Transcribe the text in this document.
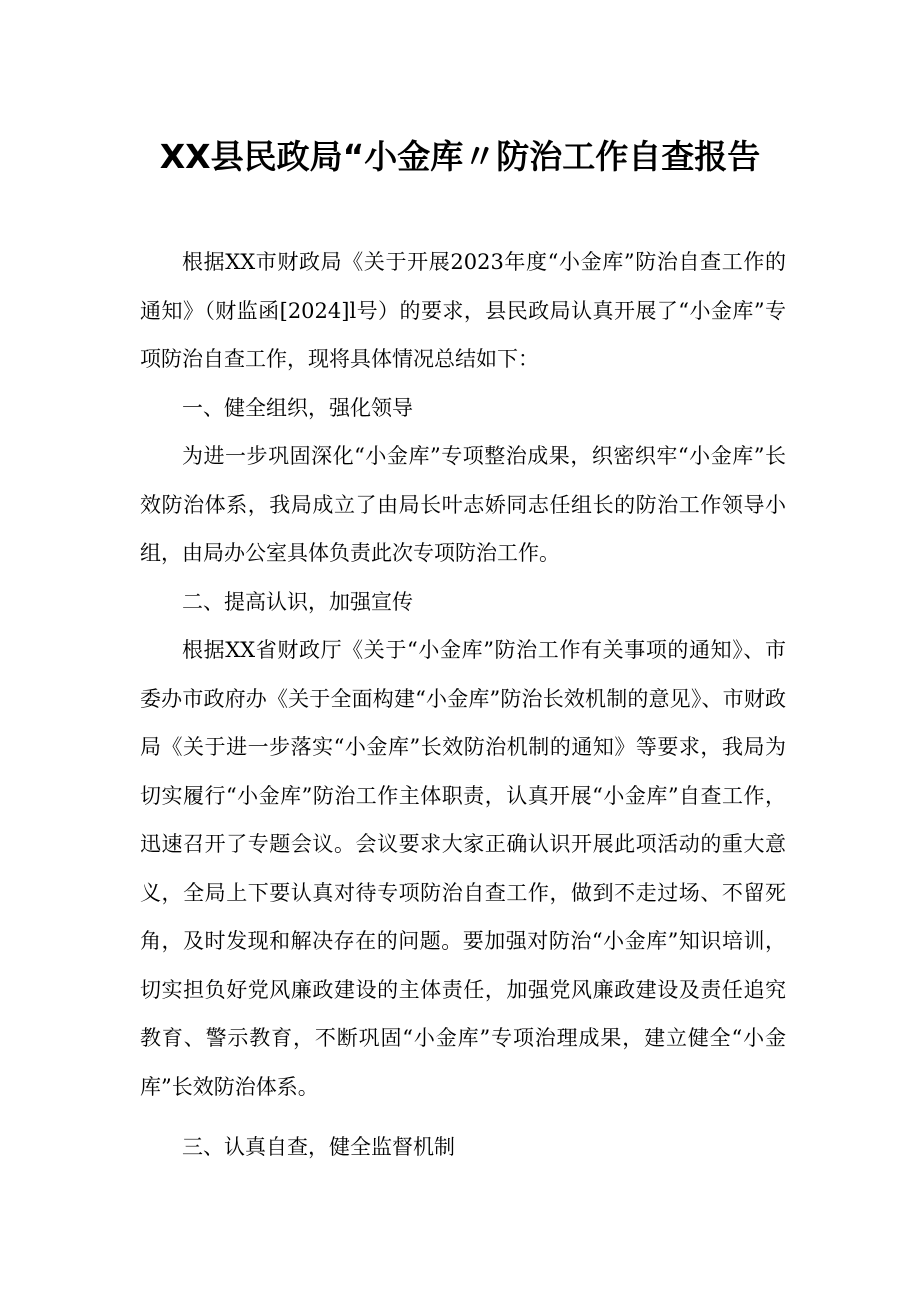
XX县民政局“小金库〃防治工作自查报告

根据XX市财政局《关于开展2023年度“小金库”防治自查工作的通知》（财监函[2024]l号）的要求，县民政局认真开展了“小金库”专项防治自查工作，现将具体情况总结如下：

一、健全组织，强化领导

为进一步巩固深化“小金库”专项整治成果，织密织牢“小金库”长效防治体系，我局成立了由局长叶志娇同志任组长的防治工作领导小组，由局办公室具体负责此次专项防治工作。

二、提高认识，加强宣传

根据XX省财政厅《关于“小金库”防治工作有关事项的通知》、市委办市政府办《关于全面构建“小金库”防治长效机制的意见》、市财政局《关于进一步落实“小金库”长效防治机制的通知》等要求，我局为切实履行“小金库”防治工作主体职责，认真开展“小金库”自查工作，迅速召开了专题会议。会议要求大家正确认识开展此项活动的重大意义，全局上下要认真对待专项防治自查工作，做到不走过场、不留死角，及时发现和解决存在的问题。要加强对防治“小金库”知识培训，切实担负好党风廉政建设的主体责任，加强党风廉政建设及责任追究教育、警示教育，不断巩固“小金库”专项治理成果，建立健全“小金库”长效防治体系。

三、认真自查，健全监督机制
